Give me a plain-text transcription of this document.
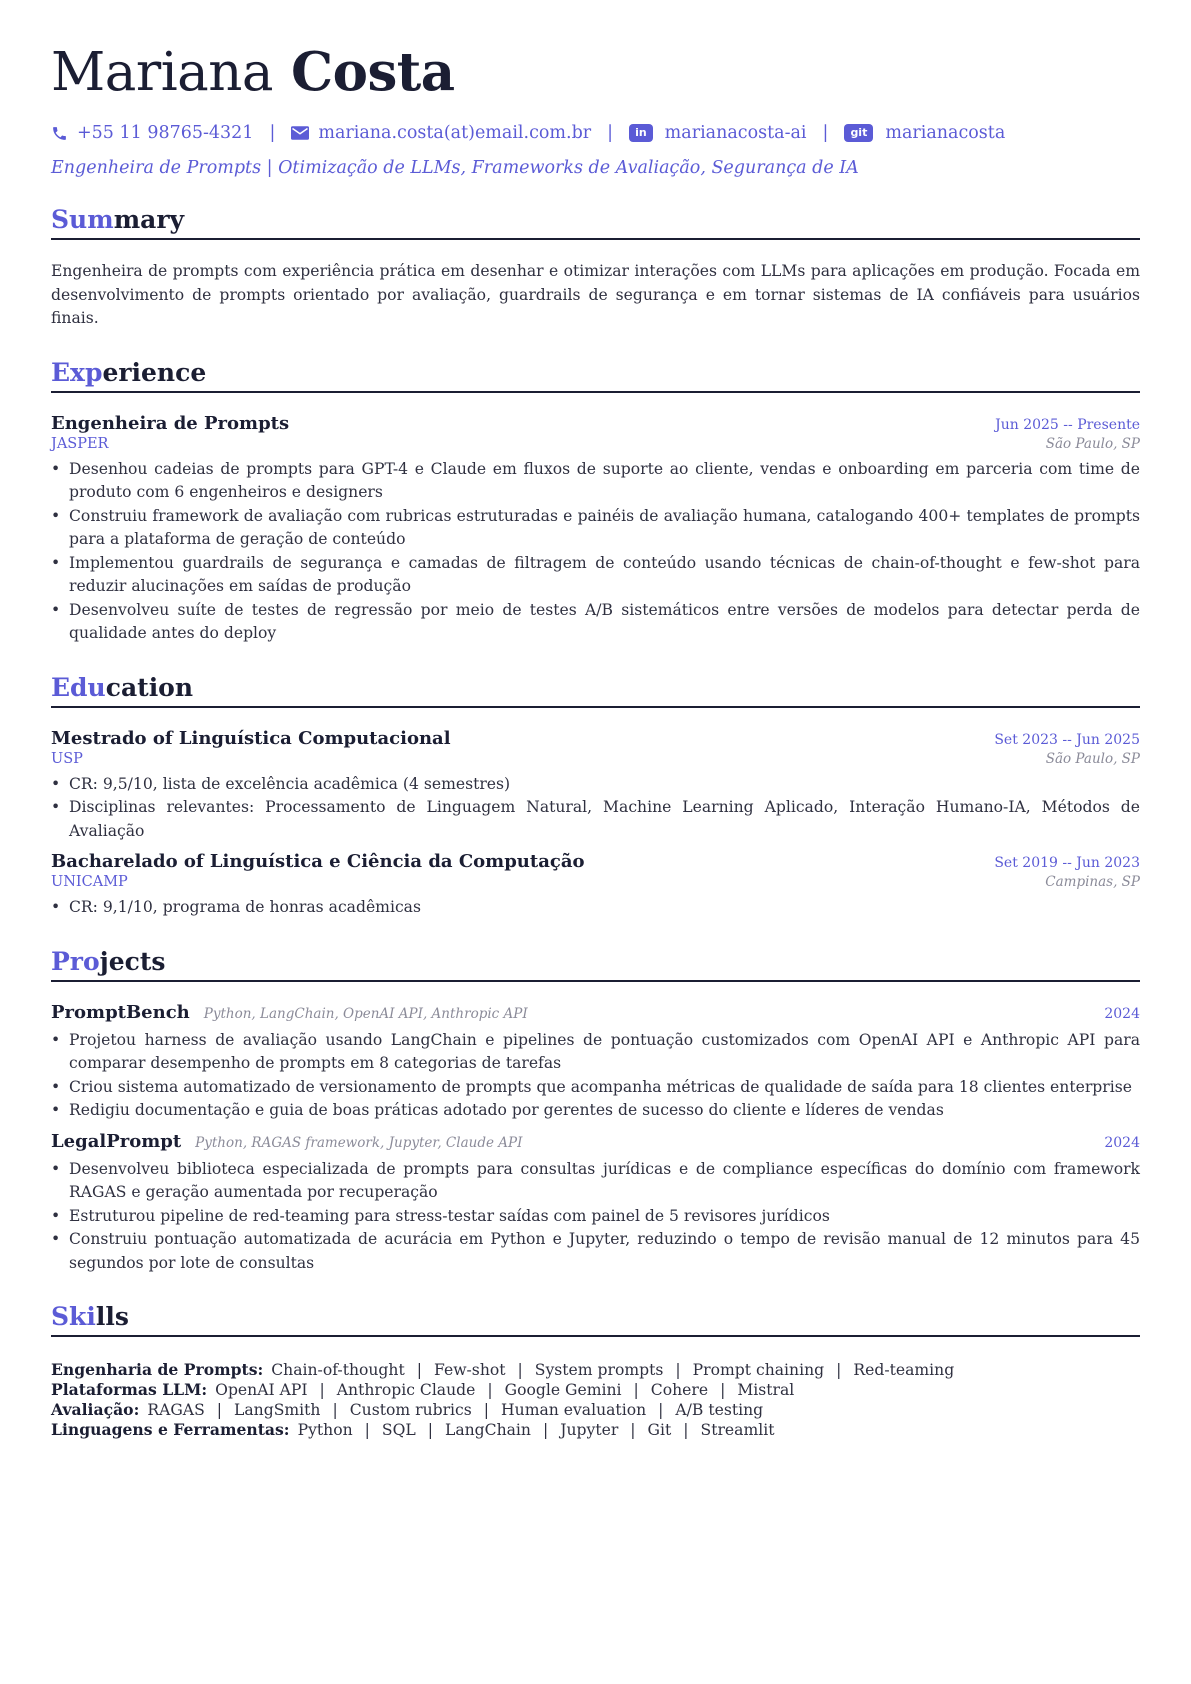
Mariana Costa
+55 11 98765-4321 | mariana.costa(at)email.com.br |	in	marianacosta-ai |	git	marianacosta
Engenheira de Prompts | Otimização de LLMs, Frameworks de Avaliação, Segurança de IA
Summary
Engenheira de prompts com experiência prática em desenhar e otimizar interações com LLMs para aplicações em produção. Focada em desenvolvimento de prompts orientado por avaliação, guardrails de segurança e em tornar sistemas de IA confiáveis para usuários finais.
Experience
Engenheira de Prompts	Jun 2025 -- Presente
JASPER	São Paulo, SP
• Desenhou cadeias de prompts para GPT-4 e Claude em fluxos de suporte ao cliente, vendas e onboarding em parceria com time de produto com 6 engenheiros e designers
• Construiu framework de avaliação com rubricas estruturadas e painéis de avaliação humana, catalogando 400+ templates de prompts para a plataforma de geração de conteúdo
• Implementou guardrails de segurança e camadas de filtragem de conteúdo usando técnicas de chain-of-thought e few-shot para reduzir alucinações em saídas de produção
• Desenvolveu suíte de testes de regressão por meio de testes A/B sistemáticos entre versões de modelos para detectar perda de qualidade antes do deploy
Education
Mestrado of Linguística Computacional	Set 2023 -- Jun 2025
USP	São Paulo, SP
• CR: 9,5/10, lista de excelência acadêmica (4 semestres)
• Disciplinas relevantes: Processamento de Linguagem Natural, Machine Learning Aplicado, Interação Humano-IA, Métodos de Avaliação
Bacharelado of Linguística e Ciência da Computação	Set 2019 -- Jun 2023
UNICAMP	Campinas, SP
• CR: 9,1/10, programa de honras acadêmicas
Projects
PromptBench Python, LangChain, OpenAI API, Anthropic API	2024
• Projetou harness de avaliação usando LangChain e pipelines de pontuação customizados com OpenAI API e Anthropic API para comparar desempenho de prompts em 8 categorias de tarefas
• Criou sistema automatizado de versionamento de prompts que acompanha métricas de qualidade de saída para 18 clientes enterprise
• Redigiu documentação e guia de boas práticas adotado por gerentes de sucesso do cliente e líderes de vendas
LegalPrompt Python, RAGAS framework, Jupyter, Claude API	2024
• Desenvolveu biblioteca especializada de prompts para consultas jurídicas e de compliance específicas do domínio com framework RAGAS e geração aumentada por recuperação
• Estruturou pipeline de red-teaming para stress-testar saídas com painel de 5 revisores jurídicos
• Construiu pontuação automatizada de acurácia em Python e Jupyter, reduzindo o tempo de revisão manual de 12 minutos para 45 segundos por lote de consultas
Skills
Engenharia de Prompts: Chain-of-thought | Few-shot | System prompts | Prompt chaining | Red-teaming
Plataformas LLM: OpenAI API | Anthropic Claude | Google Gemini | Cohere | Mistral
Avaliação: RAGAS | LangSmith | Custom rubrics | Human evaluation | A/B testing
Linguagens e Ferramentas: Python | SQL | LangChain | Jupyter | Git | Streamlit
